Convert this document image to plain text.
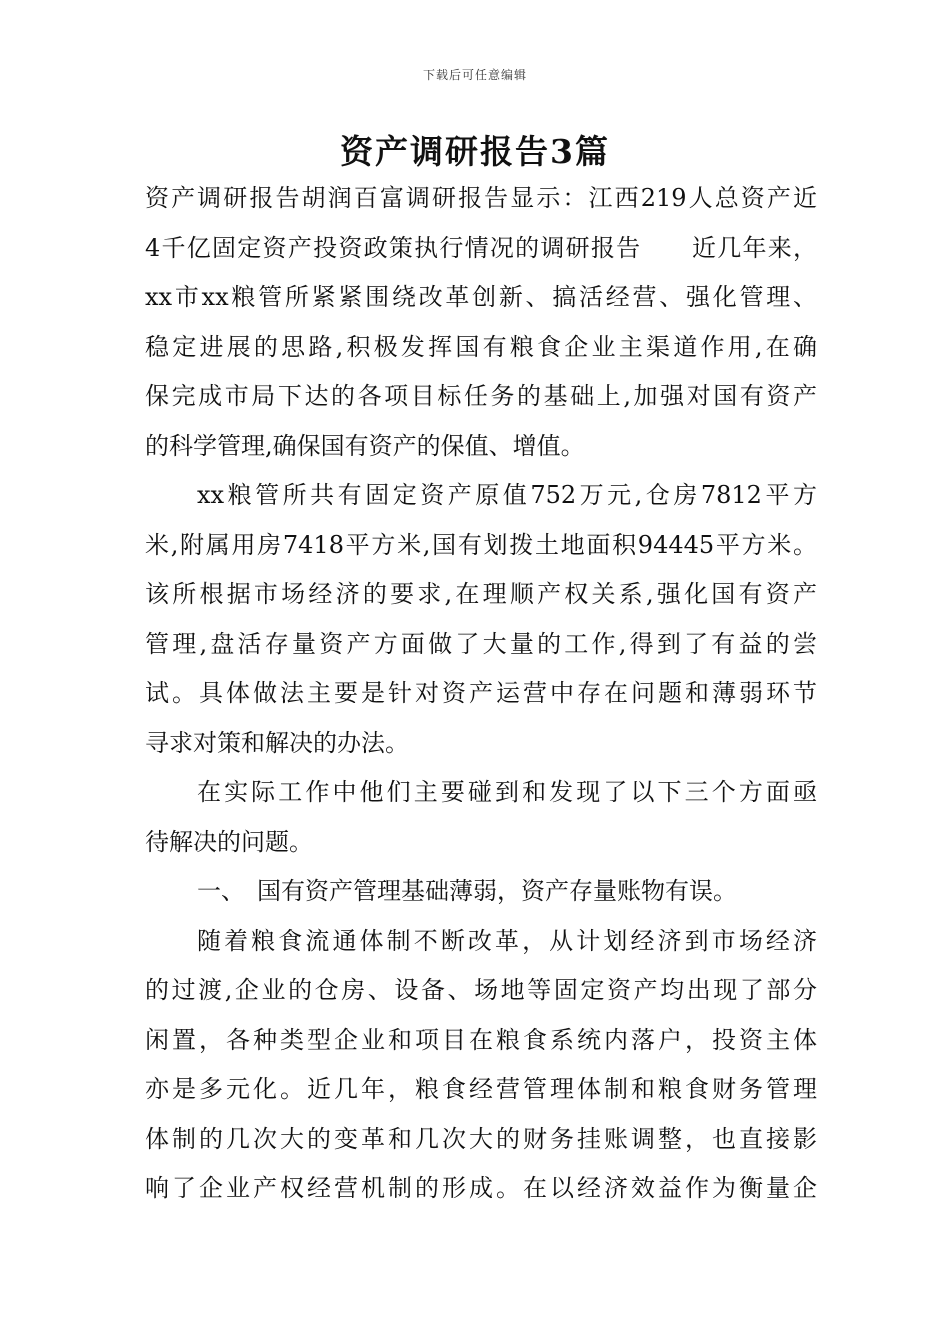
下载后可任意编辑
资产调研报告3篇
资产调研报告胡润百富调研报告显示：江西219人总资产近
4千亿固定资产投资政策执行情况的调研报告　　近几年来，
xx市xx粮管所紧紧围绕改革创新、搞活经营、强化管理、
稳定进展的思路,积极发挥国有粮食企业主渠道作用,在确
保完成市局下达的各项目标任务的基础上,加强对国有资产
的科学管理,确保国有资产的保值、增值。
xx粮管所共有固定资产原值752万元,仓房7812平方
米,附属用房7418平方米,国有划拨土地面积94445平方米。
该所根据市场经济的要求,在理顺产权关系,强化国有资产
管理,盘活存量资产方面做了大量的工作,得到了有益的尝
试。具体做法主要是针对资产运营中存在问题和薄弱环节
寻求对策和解决的办法。
在实际工作中他们主要碰到和发现了以下三个方面亟
待解决的问题。
一、　国有资产管理基础薄弱，资产存量账物有误。
随着粮食流通体制不断改革，从计划经济到市场经济
的过渡,企业的仓房、设备、场地等固定资产均出现了部分
闲置，各种类型企业和项目在粮食系统内落户，投资主体
亦是多元化。近几年，粮食经营管理体制和粮食财务管理
体制的几次大的变革和几次大的财务挂账调整，也直接影
响了企业产权经营机制的形成。在以经济效益作为衡量企
